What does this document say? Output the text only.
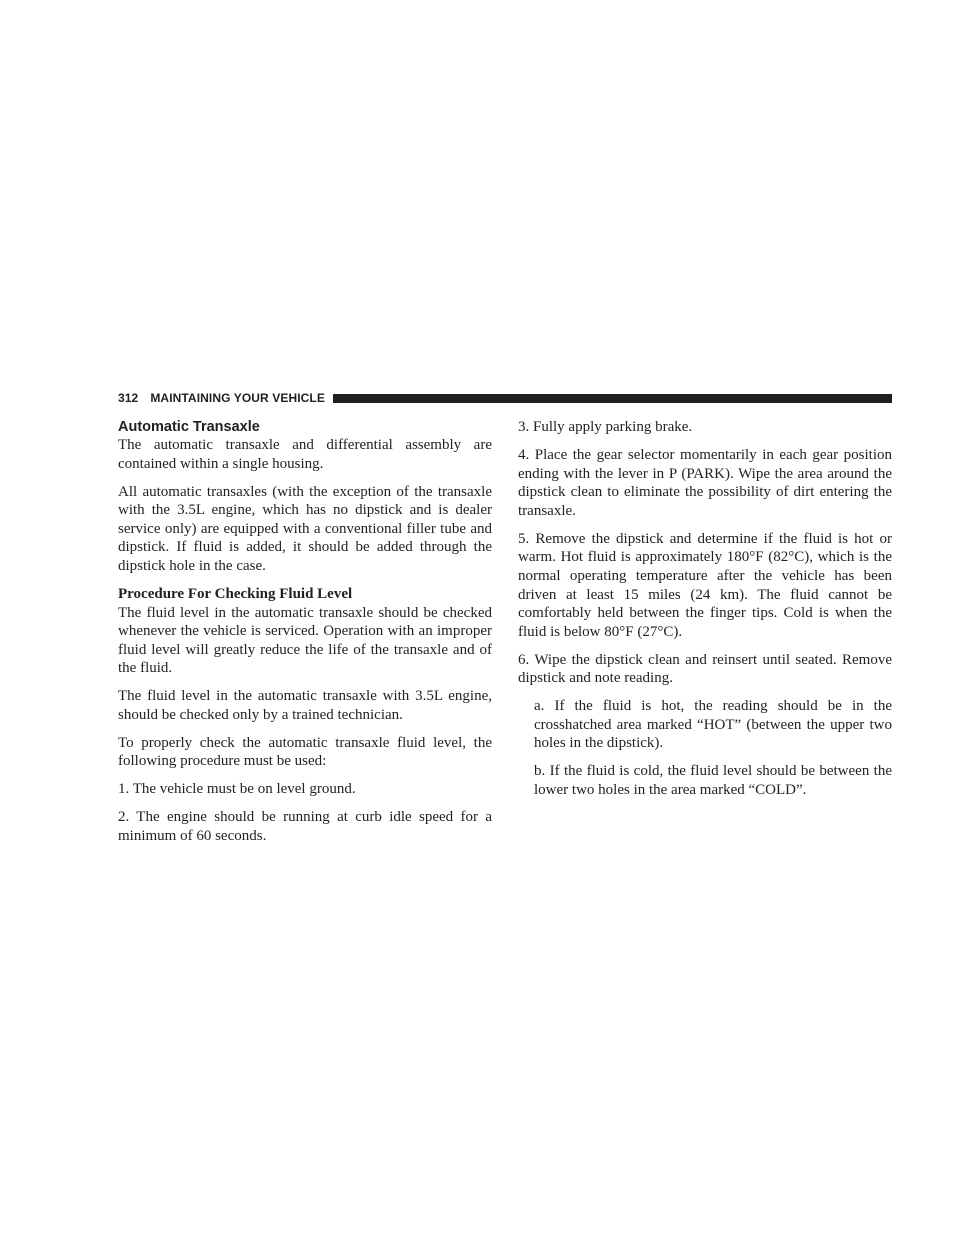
312 MAINTAINING YOUR VEHICLE
Automatic Transaxle

The automatic transaxle and differential assembly are contained within a single housing.

All automatic transaxles (with the exception of the transaxle with the 3.5L engine, which has no dipstick and is dealer service only) are equipped with a conventional filler tube and dipstick. If fluid is added, it should be added through the dipstick hole in the case.

Procedure For Checking Fluid Level

The fluid level in the automatic transaxle should be checked whenever the vehicle is serviced. Operation with an improper fluid level will greatly reduce the life of the transaxle and of the fluid.

The fluid level in the automatic transaxle with 3.5L engine, should be checked only by a trained technician.

To properly check the automatic transaxle fluid level, the following procedure must be used:

1. The vehicle must be on level ground.

2. The engine should be running at curb idle speed for a minimum of 60 seconds.

3. Fully apply parking brake.

4. Place the gear selector momentarily in each gear position ending with the lever in P (PARK). Wipe the area around the dipstick clean to eliminate the possibility of dirt entering the transaxle.

5. Remove the dipstick and determine if the fluid is hot or warm. Hot fluid is approximately 180°F (82°C), which is the normal operating temperature after the vehicle has been driven at least 15 miles (24 km). The fluid cannot be comfortably held between the finger tips. Cold is when the fluid is below 80°F (27°C).

6. Wipe the dipstick clean and reinsert until seated. Remove dipstick and note reading.

a. If the fluid is hot, the reading should be in the crosshatched area marked “HOT” (between the upper two holes in the dipstick).

b. If the fluid is cold, the fluid level should be between the lower two holes in the area marked “COLD”.
